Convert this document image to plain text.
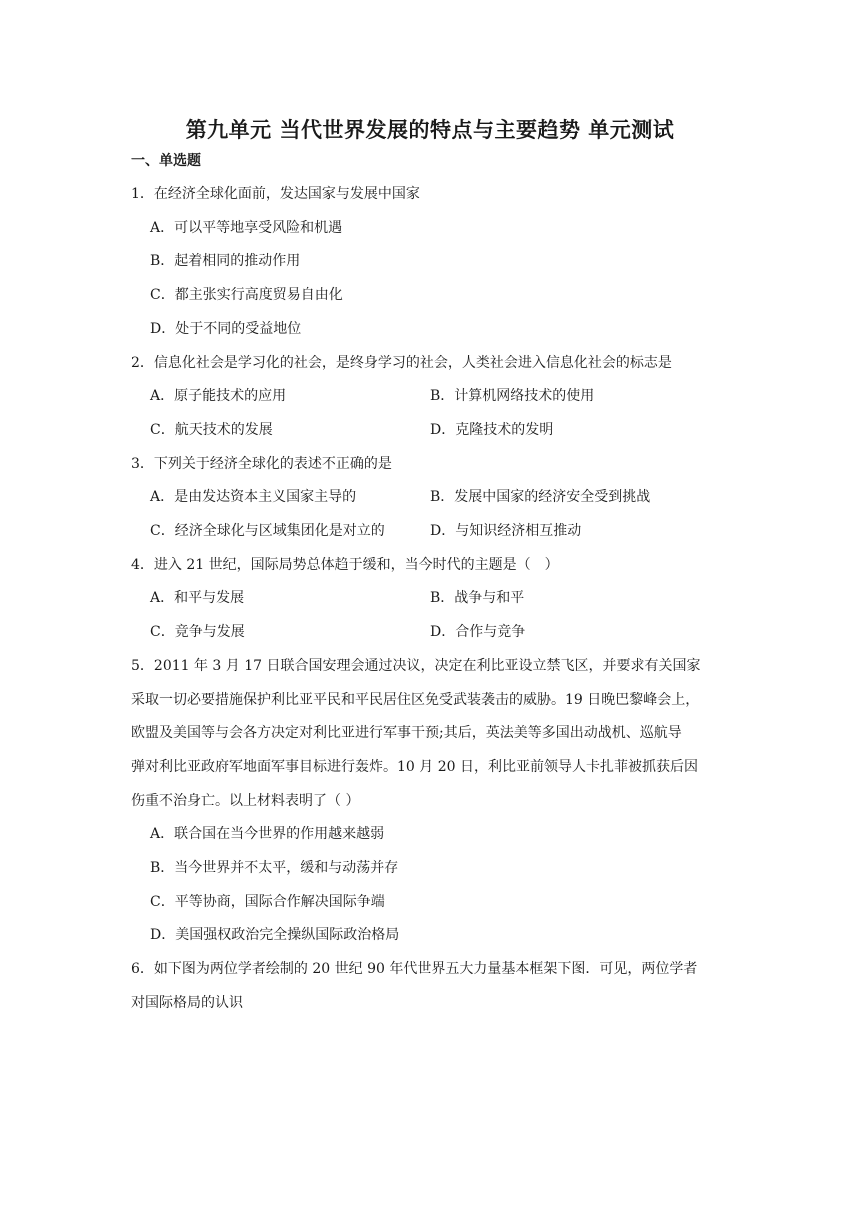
第九单元 当代世界发展的特点与主要趋势 单元测试
一、单选题

1．在经济全球化面前，发达国家与发展中国家

A．可以平等地享受风险和机遇
B．起着相同的推动作用
C．都主张实行高度贸易自由化
D．处于不同的受益地位

2．信息化社会是学习化的社会，是终身学习的社会，人类社会进入信息化社会的标志是

A．原子能技术的应用	B．计算机网络技术的使用
C．航天技术的发展	D．克隆技术的发明

3．下列关于经济全球化的表述不正确的是

A．是由发达资本主义国家主导的	B．发展中国家的经济安全受到挑战
C．经济全球化与区域集团化是对立的	D．与知识经济相互推动

4．进入 21 世纪，国际局势总体趋于缓和，当今时代的主题是（　）

A．和平与发展	B．战争与和平
C．竞争与发展	D．合作与竞争

5．2011 年 3 月 17 日联合国安理会通过决议，决定在利比亚设立禁飞区，并要求有关国家

采取一切必要措施保护利比亚平民和平民居住区免受武装袭击的威胁。19 日晚巴黎峰会上，

欧盟及美国等与会各方决定对利比亚进行军事干预;其后，英法美等多国出动战机、巡航导

弹对利比亚政府军地面军事目标进行轰炸。10 月 20 日，利比亚前领导人卡扎菲被抓获后因

伤重不治身亡。以上材料表明了（ ）

A．联合国在当今世界的作用越来越弱
B．当今世界并不太平，缓和与动荡并存
C．平等协商，国际合作解决国际争端
D．美国强权政治完全操纵国际政治格局

6．如下图为两位学者绘制的 20 世纪 90 年代世界五大力量基本框架下图．可见，两位学者

对国际格局的认识
